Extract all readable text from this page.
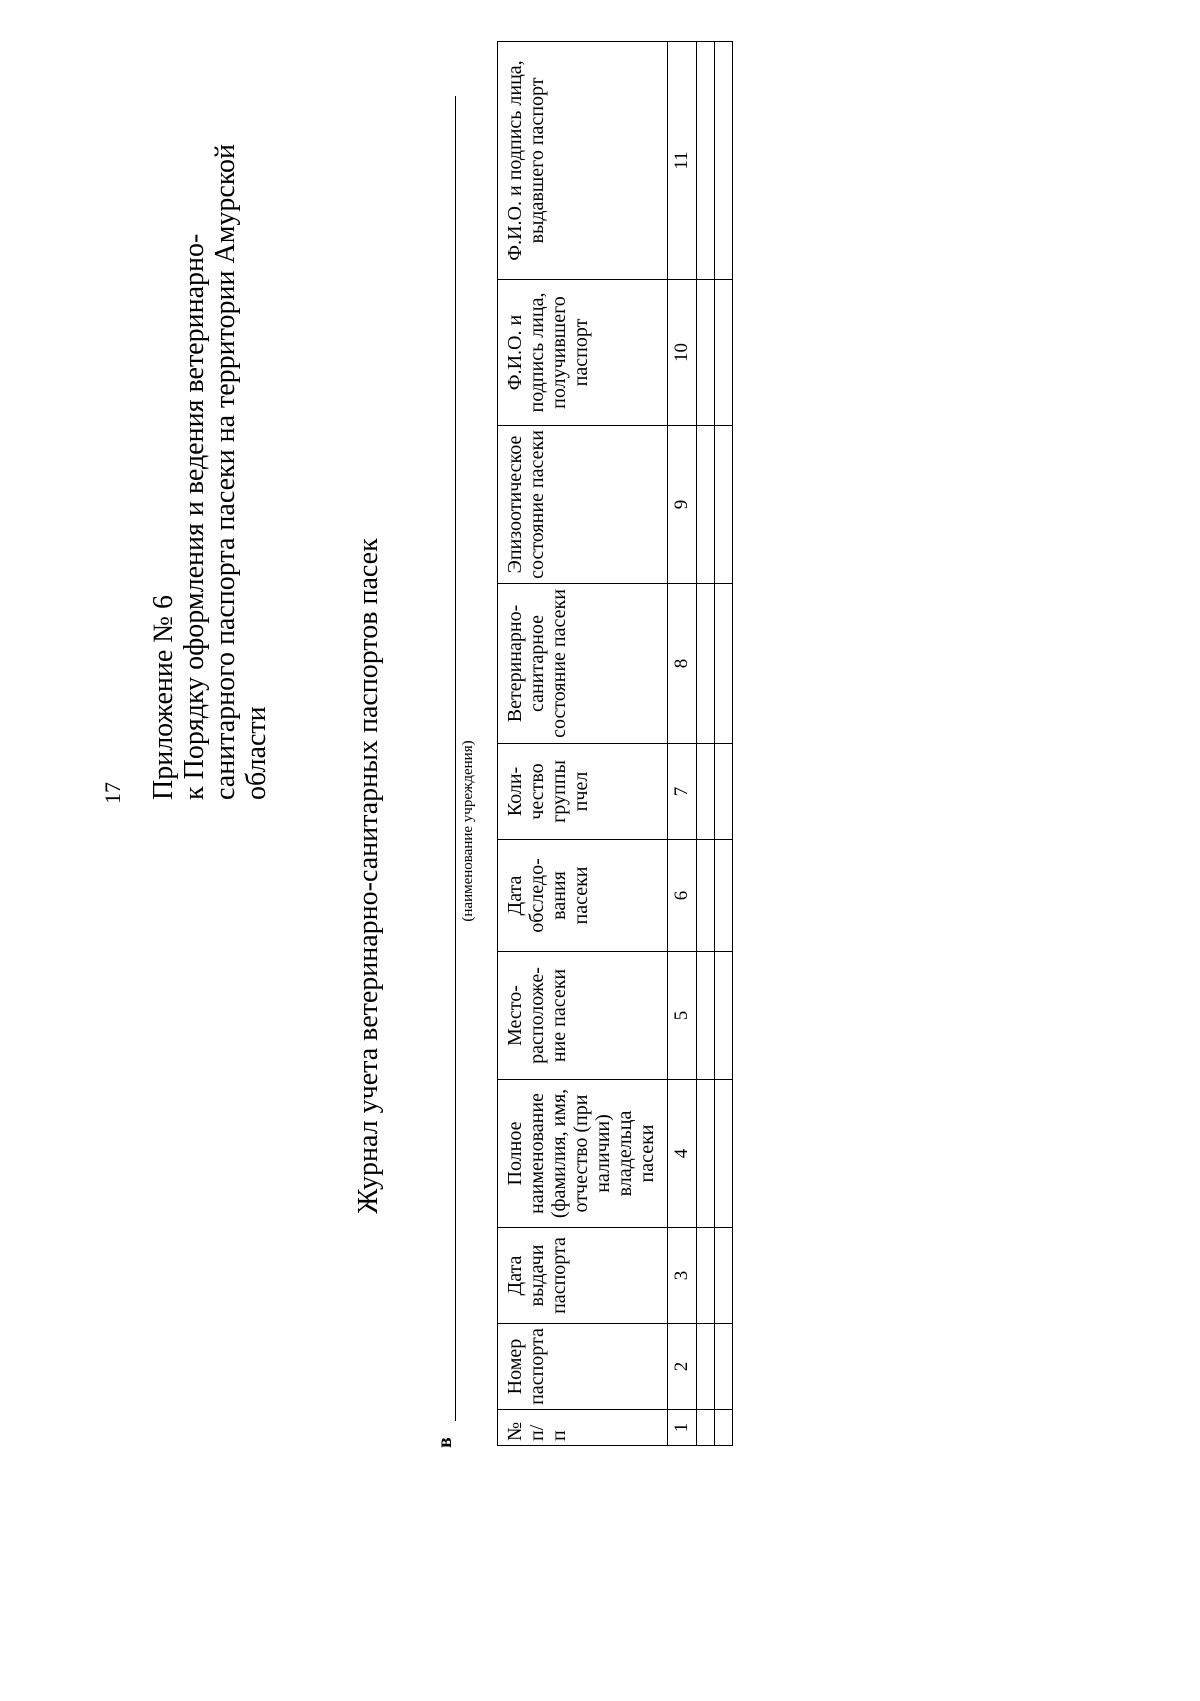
17 Приложение № 6 к Порядку оформления и ведения ветеринарно- санитарного паспорта пасеки на территории Амурской области	Журнал учета ветеринарно-санитарных паспортов пасек
в
(наименование учреждения)
№ п/ п	Номер паспорта	Дата выдачи паспорта	Полное наименование (фамилия, имя, отчество (при наличии) владельца пасеки	Место-расположе-ние пасеки	Дата обследо-вания пасеки	Коли-чество группы пчел	Ветеринарно-санитарное состояние пасеки	Эпизоотическое состояние пасеки	Ф.И.О. и подпись лица, получившего паспорт	Ф.И.О. и подпись лица, выдавшего паспорт
1	2	3	4	5	6	7	8	9	10	11
